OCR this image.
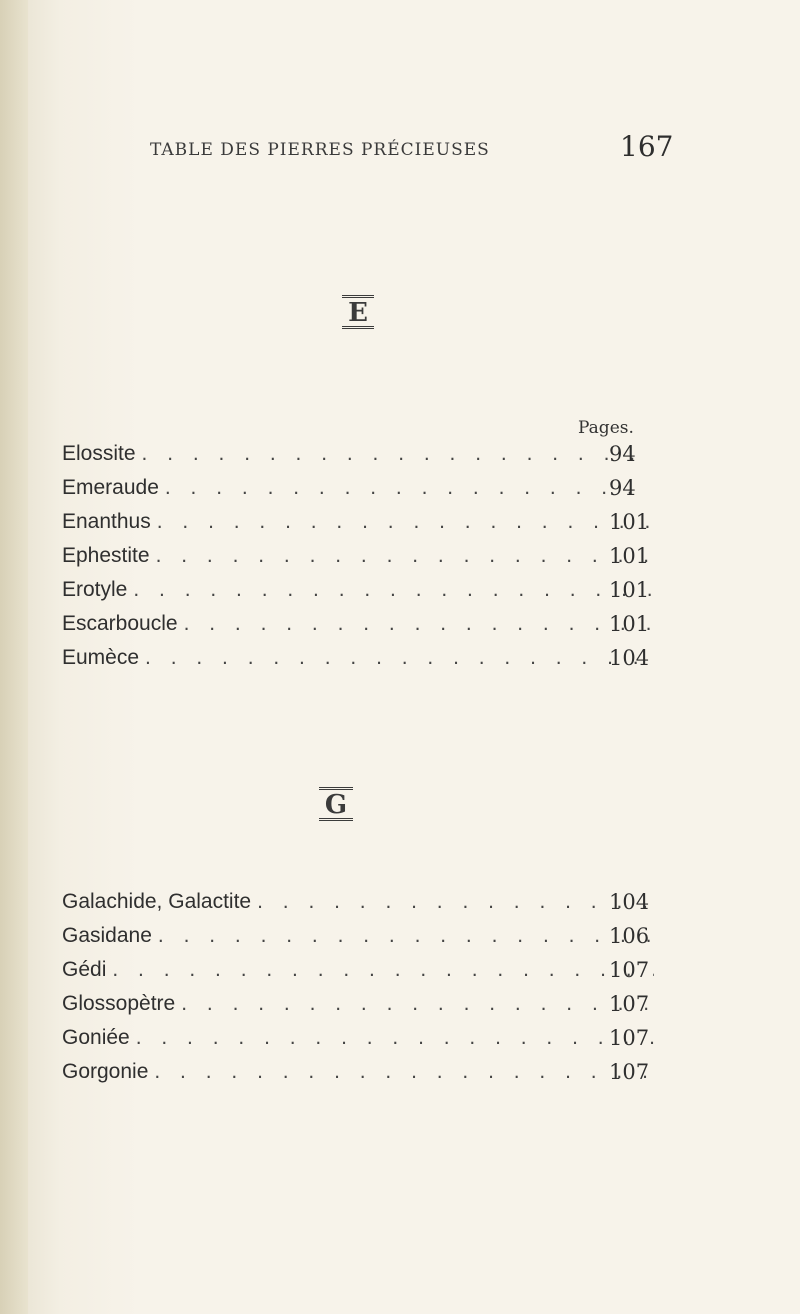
TABLE DES PIERRES PRÉCIEUSES	167
E
Pages.
Elossite . . .	94
Emeraude . . .	94
Enanthus . . .	101
Ephestite . . .	101
Erotyle . . .	101
Escarboucle . . .	101
Eumèce . . .	104
G
Galachide, Galactite . . .	104
Gasidane . . .	106
Gédi . . .	107
Glossopètre . . .	107
Goniée . . .	107
Gorgonie . . .	107
